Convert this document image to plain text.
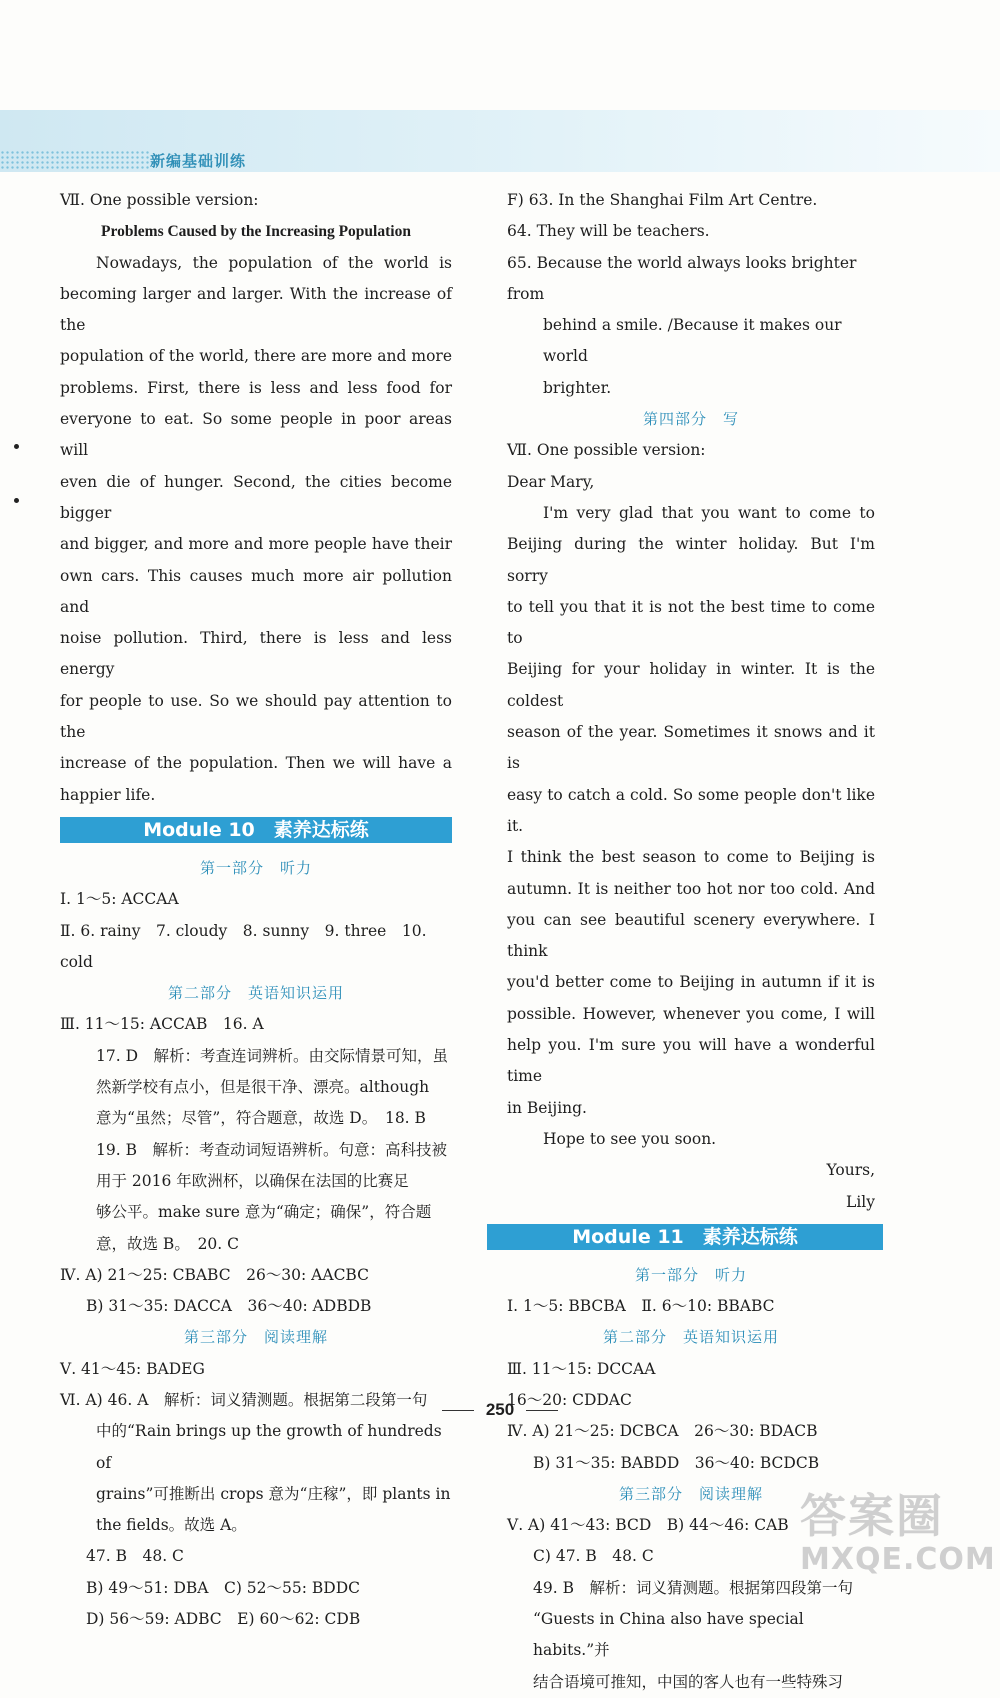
新编基础训练

Ⅶ. One possible version:

Problems Caused by the Increasing Population

Nowadays, the population of the world is

becoming larger and larger. With the increase of the

population of the world, there are more and more

problems. First, there is less and less food for

everyone to eat. So some people in poor areas will

even die of hunger. Second, the cities become bigger

and bigger, and more and more people have their

own cars. This causes much more air pollution and

noise pollution. Third, there is less and less energy

for people to use. So we should pay attention to the

increase of the population. Then we will have a

happier life.

Module 10　素养达标练

第一部分　听力

Ⅰ. 1～5: ACCAA

Ⅱ. 6. rainy　7. cloudy　8. sunny　9. three　10. cold

第二部分　英语知识运用

Ⅲ. 11～15: ACCAB　16. A

17. D　解析：考查连词辨析。由交际情景可知，虽

然新学校有点小，但是很干净、漂亮。although

意为“虽然；尽管”，符合题意，故选 D。　18. B

19. B　解析：考查动词短语辨析。句意：高科技被

用于 2016 年欧洲杯，以确保在法国的比赛足

够公平。make sure 意为“确定；确保”，符合题

意，故选 B。　20. C

Ⅳ. A) 21～25: CBABC　26～30: AACBC

B) 31～35: DACCA　36～40: ADBDB

第三部分　阅读理解

Ⅴ. 41～45: BADEG

Ⅵ. A) 46. A　解析：词义猜测题。根据第二段第一句

中的“Rain brings up the growth of hundreds of

grains”可推断出 crops 意为“庄稼”，即 plants in

the fields。故选 A。

47. B　48. C

B) 49～51: DBA　C) 52～55: BDDC

D) 56～59: ADBC　E) 60～62: CDB

F) 63. In the Shanghai Film Art Centre.

64. They will be teachers.

65. Because the world always looks brighter from

behind a smile. /Because it makes our world

brighter.

第四部分　写

Ⅶ. One possible version:

Dear Mary,

I'm very glad that you want to come to

Beijing during the winter holiday. But I'm sorry

to tell you that it is not the best time to come to

Beijing for your holiday in winter. It is the coldest

season of the year. Sometimes it snows and it is

easy to catch a cold. So some people don't like it.

I think the best season to come to Beijing is

autumn. It is neither too hot nor too cold. And

you can see beautiful scenery everywhere. I think

you'd better come to Beijing in autumn if it is

possible. However, whenever you come, I will

help you. I'm sure you will have a wonderful time

in Beijing.

Hope to see you soon.

Yours,

Lily

Module 11　素养达标练

第一部分　听力

Ⅰ. 1～5: BBCBA　Ⅱ. 6～10: BBABC

第二部分　英语知识运用

Ⅲ. 11～15: DCCAA

16～20: CDDAC

Ⅳ. A) 21～25: DCBCA　26～30: BDACB

B) 31～35: BABDD　36～40: BCDCB

第三部分　阅读理解

Ⅴ. A) 41～43: BCD　B) 44～46: CAB

C) 47. B　48. C

49. B　解析：词义猜测题。根据第四段第一句

“Guests in China also have special habits.”并

结合语境可推知，中国的客人也有一些特殊习

250
答案圈
MXQE.COM
